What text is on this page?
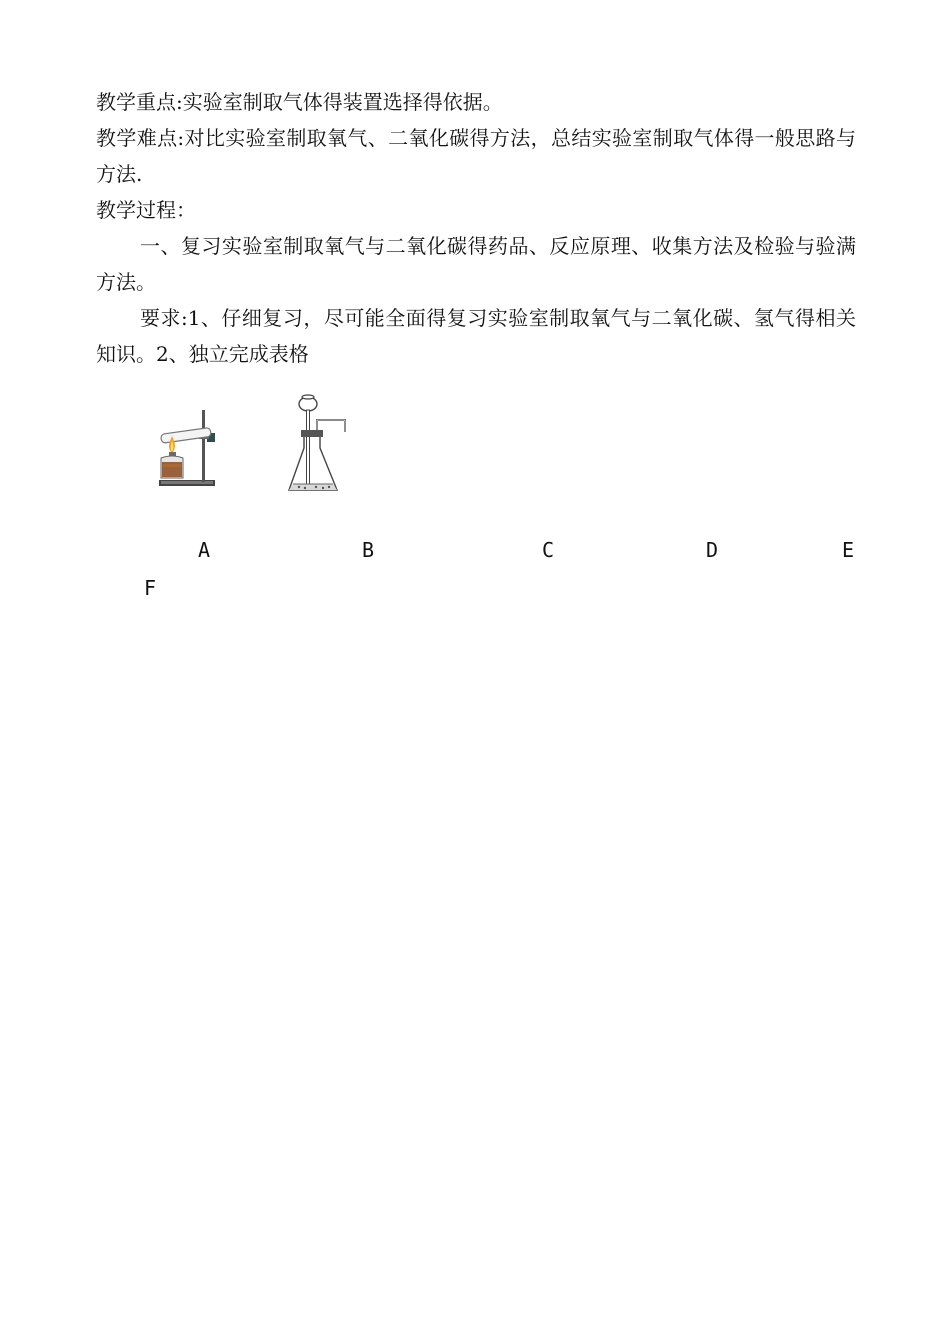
教学重点:实验室制取气体得装置选择得依据。

教学难点:对比实验室制取氧气、二氧化碳得方法，总结实验室制取气体得一般思路与方法.

教学过程：

一、复习实验室制取氧气与二氧化碳得药品、反应原理、收集方法及检验与验满方法。

要求:1、仔细复习，尽可能全面得复习实验室制取氧气与二氧化碳、氢气得相关知识。2、独立完成表格

A	B	C	D	E
F
